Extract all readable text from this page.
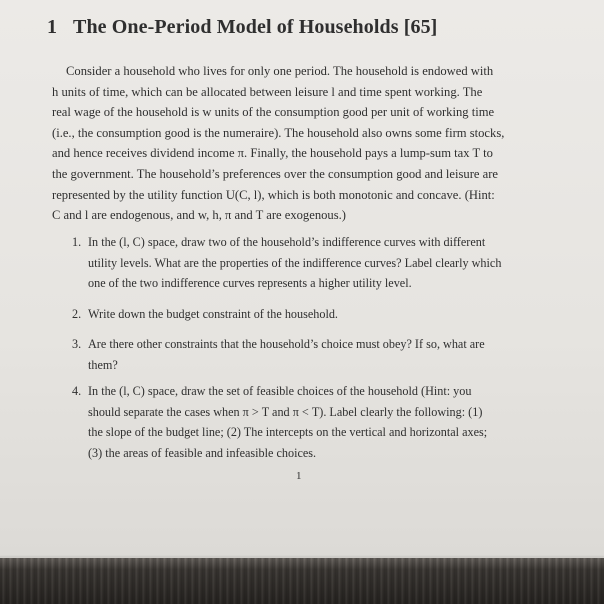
1 The One-Period Model of Households [65]
Consider a household who lives for only one period. The household is endowed with
h units of time, which can be allocated between leisure l and time spent working. The
real wage of the household is w units of the consumption good per unit of working time
(i.e., the consumption good is the numeraire). The household also owns some firm stocks,
and hence receives dividend income π. Finally, the household pays a lump-sum tax T to
the government. The household’s preferences over the consumption good and leisure are
represented by the utility function U(C, l), which is both monotonic and concave. (Hint:
C and l are endogenous, and w, h, π and T are exogenous.)
1. In the (l, C) space, draw two of the household’s indifference curves with different
utility levels. What are the properties of the indifference curves? Label clearly which
one of the two indifference curves represents a higher utility level.
2. Write down the budget constraint of the household.
3. Are there other constraints that the household’s choice must obey? If so, what are
them?
4. In the (l, C) space, draw the set of feasible choices of the household (Hint: you
should separate the cases when π > T and π < T). Label clearly the following: (1)
the slope of the budget line; (2) The intercepts on the vertical and horizontal axes;
(3) the areas of feasible and infeasible choices.
1
